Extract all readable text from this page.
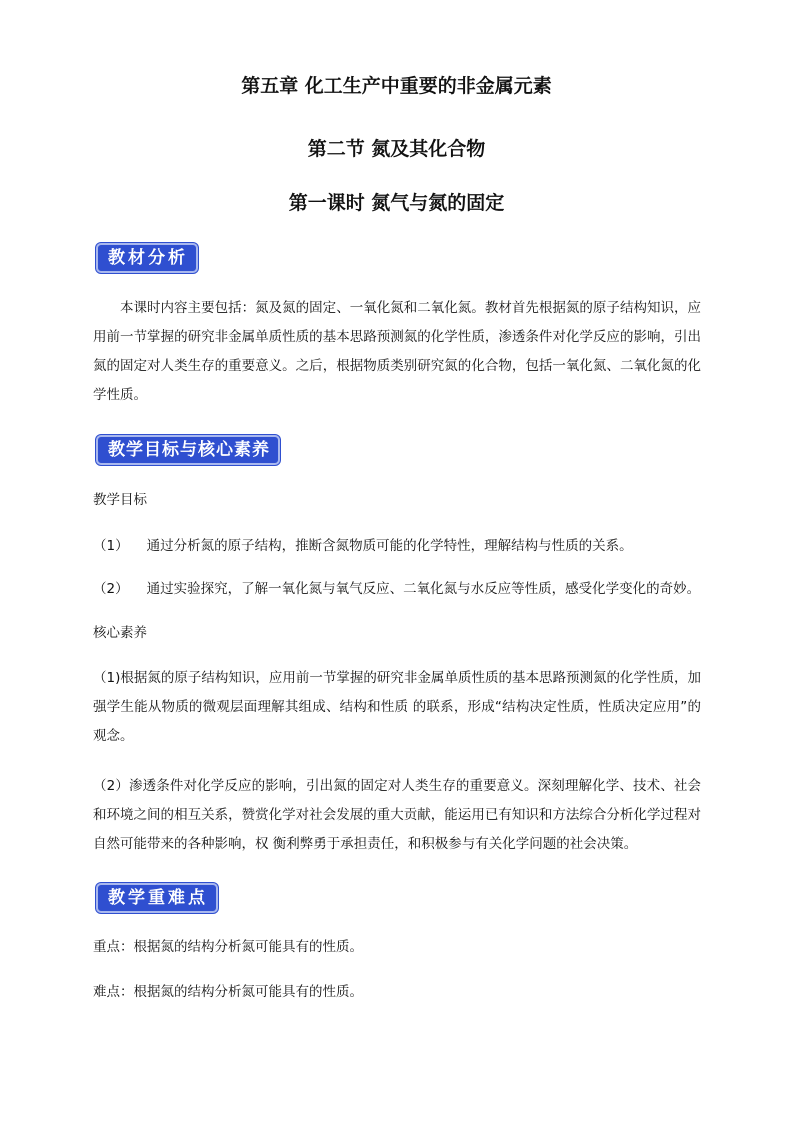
第五章 化工生产中重要的非金属元素
第二节 氮及其化合物
第一课时 氮气与氮的固定
教材分析

本课时内容主要包括：氮及氮的固定、一氧化氮和二氧化氮。教材首先根据氮的原子结构知识，应用前一节掌握的研究非金属单质性质的基本思路预测氮的化学性质，渗透条件对化学反应的影响，引出氮的固定对人类生存的重要意义。之后，根据物质类别研究氮的化合物，包括一氧化氮、二氧化氮的化学性质。

教学目标与核心素养

教学目标

（1） 通过分析氮的原子结构，推断含氮物质可能的化学特性，理解结构与性质的关系。

（2） 通过实验探究，了解一氧化氮与氧气反应、二氧化氮与水反应等性质，感受化学变化的奇妙。

核心素养

（1)根据氮的原子结构知识，应用前一节掌握的研究非金属单质性质的基本思路预测氮的化学性质，加强学生能从物质的微观层面理解其组成、结构和性质 的联系，形成“结构决定性质，性质决定应用”的观念。

（2）渗透条件对化学反应的影响，引出氮的固定对人类生存的重要意义。深刻理解化学、技术、社会和环境之间的相互关系，赞赏化学对社会发展的重大贡献，能运用已有知识和方法综合分析化学过程对自然可能带来的各种影响，权 衡利弊勇于承担责任，和积极参与有关化学问题的社会决策。

教学重难点

重点：根据氮的结构分析氮可能具有的性质。

难点：根据氮的结构分析氮可能具有的性质。
